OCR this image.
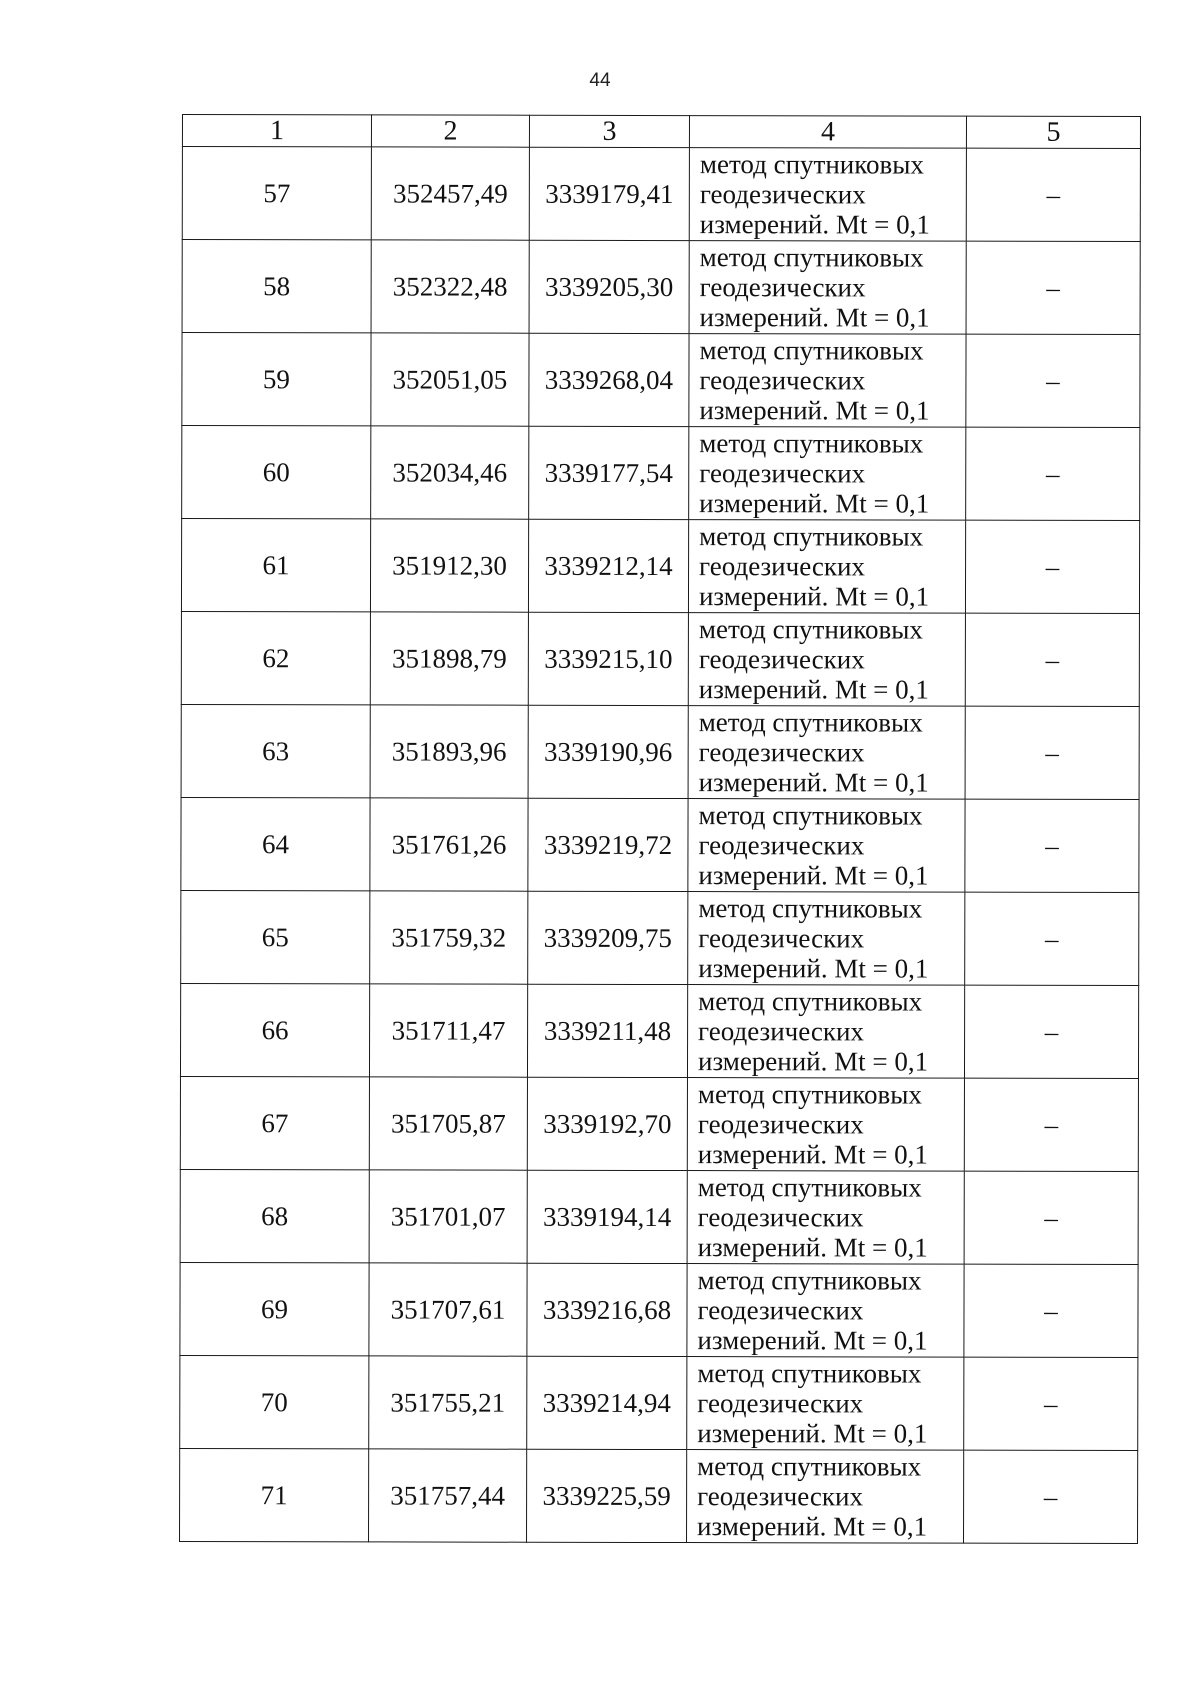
44
1	2	3	4	5
57	352457,49	3339179,41	метод спутниковых
геодезических
измерений. Mt = 0,1	–
58	352322,48	3339205,30	метод спутниковых
геодезических
измерений. Mt = 0,1	–
59	352051,05	3339268,04	метод спутниковых
геодезических
измерений. Mt = 0,1	–
60	352034,46	3339177,54	метод спутниковых
геодезических
измерений. Mt = 0,1	–
61	351912,30	3339212,14	метод спутниковых
геодезических
измерений. Mt = 0,1	–
62	351898,79	3339215,10	метод спутниковых
геодезических
измерений. Mt = 0,1	–
63	351893,96	3339190,96	метод спутниковых
геодезических
измерений. Mt = 0,1	–
64	351761,26	3339219,72	метод спутниковых
геодезических
измерений. Mt = 0,1	–
65	351759,32	3339209,75	метод спутниковых
геодезических
измерений. Mt = 0,1	–
66	351711,47	3339211,48	метод спутниковых
геодезических
измерений. Mt = 0,1	–
67	351705,87	3339192,70	метод спутниковых
геодезических
измерений. Mt = 0,1	–
68	351701,07	3339194,14	метод спутниковых
геодезических
измерений. Mt = 0,1	–
69	351707,61	3339216,68	метод спутниковых
геодезических
измерений. Mt = 0,1	–
70	351755,21	3339214,94	метод спутниковых
геодезических
измерений. Mt = 0,1	–
71	351757,44	3339225,59	метод спутниковых
геодезических
измерений. Mt = 0,1	–
